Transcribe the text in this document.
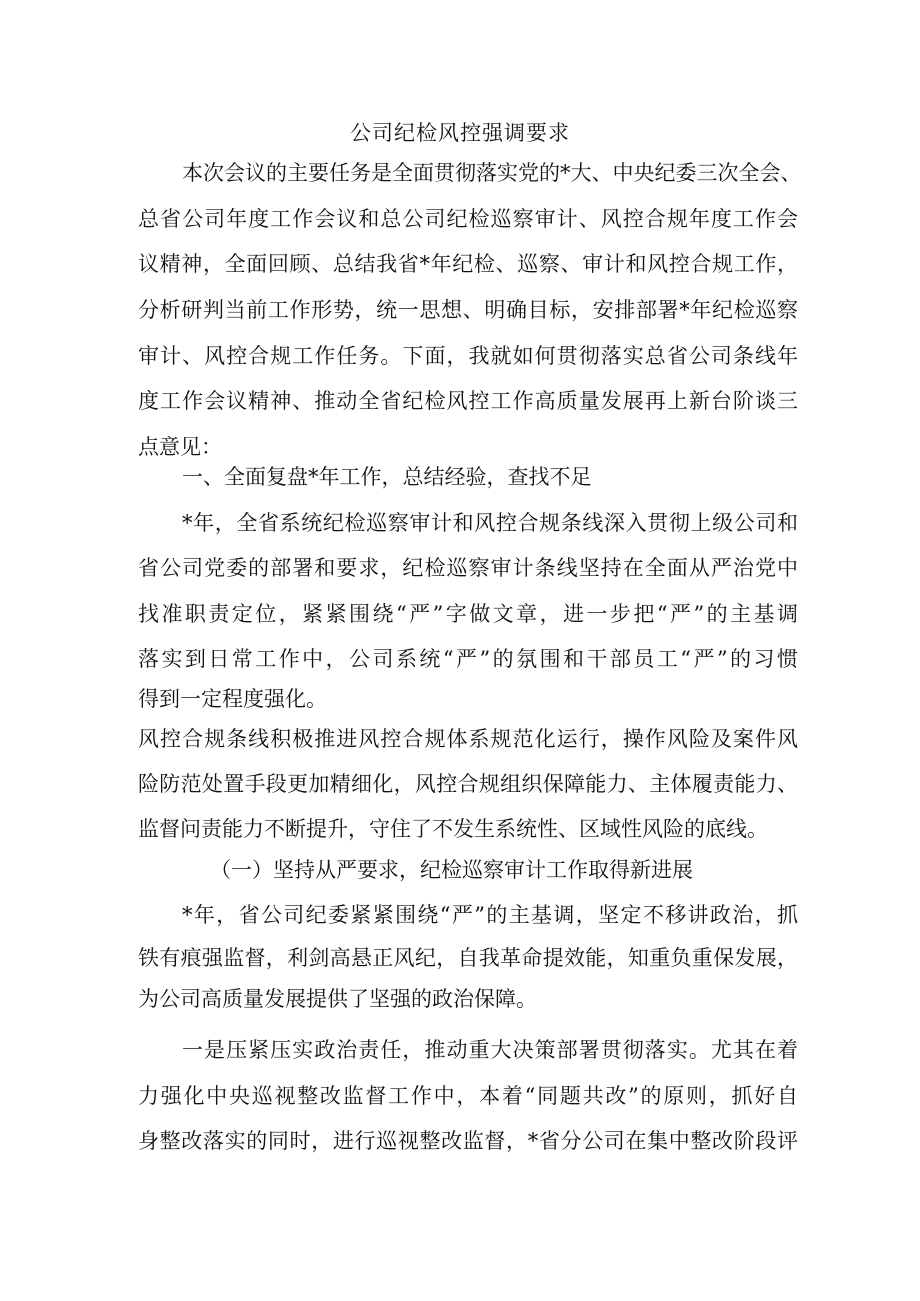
公司纪检风控强调要求
本次会议的主要任务是全面贯彻落实党的*大、中央纪委三次全会、
总省公司年度工作会议和总公司纪检巡察审计、风控合规年度工作会
议精神，全面回顾、总结我省*年纪检、巡察、审计和风控合规工作，
分析研判当前工作形势，统一思想、明确目标，安排部署*年纪检巡察
审计、风控合规工作任务。下面，我就如何贯彻落实总省公司条线年
度工作会议精神、推动全省纪检风控工作高质量发展再上新台阶谈三
点意见：
一、全面复盘*年工作，总结经验，查找不足
*年，全省系统纪检巡察审计和风控合规条线深入贯彻上级公司和
省公司党委的部署和要求，纪检巡察审计条线坚持在全面从严治党中
找准职责定位，紧紧围绕“严”字做文章，进一步把“严”的主基调
落实到日常工作中，公司系统“严”的氛围和干部员工“严”的习惯
得到一定程度强化。
风控合规条线积极推进风控合规体系规范化运行，操作风险及案件风
险防范处置手段更加精细化，风控合规组织保障能力、主体履责能力、
监督问责能力不断提升，守住了不发生系统性、区域性风险的底线。
（一）坚持从严要求，纪检巡察审计工作取得新进展
*年，省公司纪委紧紧围绕“严”的主基调，坚定不移讲政治，抓
铁有痕强监督，利剑高悬正风纪，自我革命提效能，知重负重保发展，
为公司高质量发展提供了坚强的政治保障。
一是压紧压实政治责任，推动重大决策部署贯彻落实。尤其在着
力强化中央巡视整改监督工作中，本着“同题共改”的原则，抓好自
身整改落实的同时，进行巡视整改监督，*省分公司在集中整改阶段评
